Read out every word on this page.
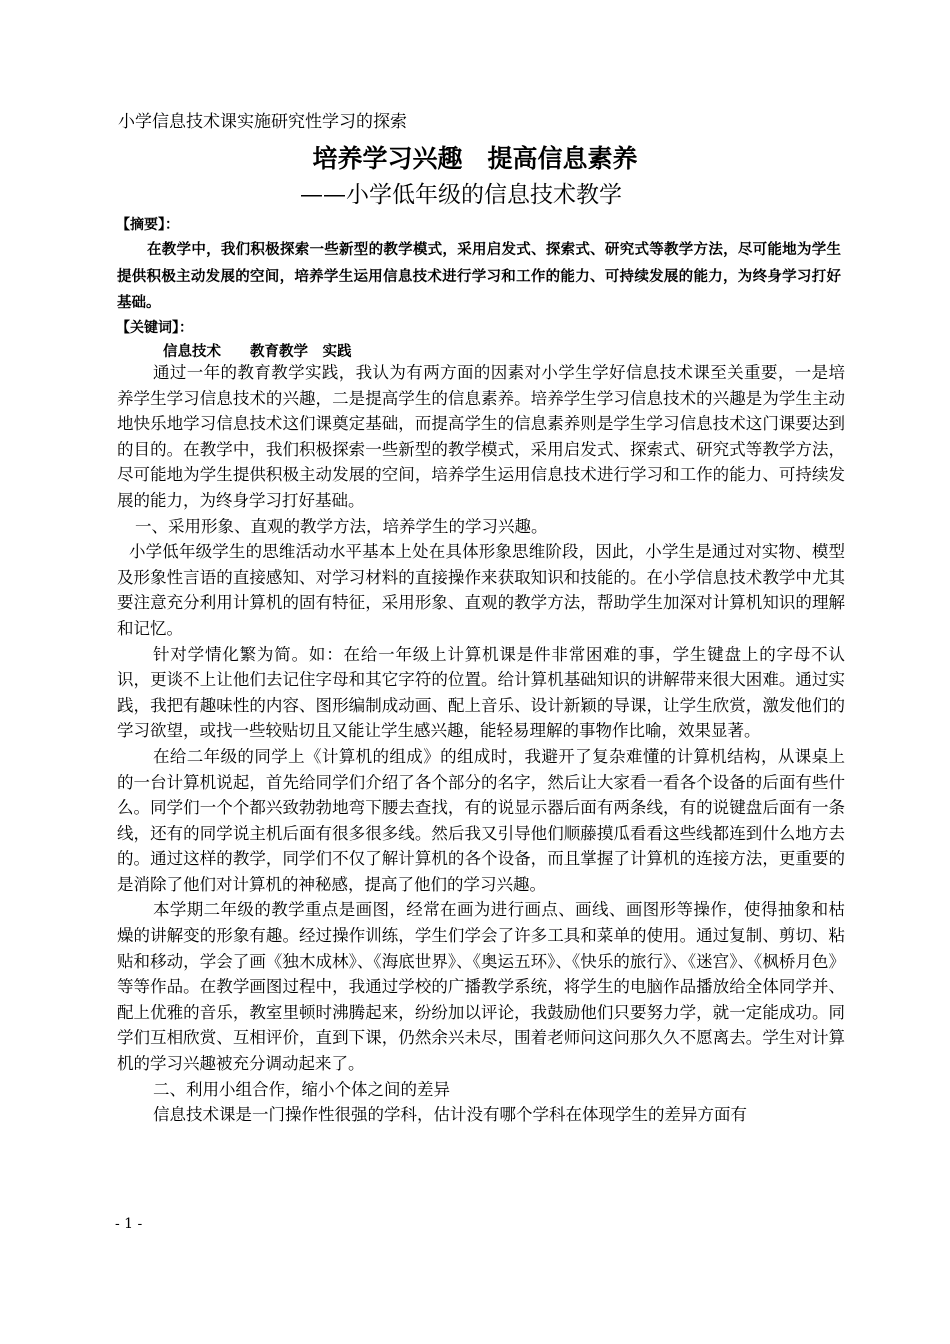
小学信息技术课实施研究性学习的探索
培养学习兴趣　提高信息素养
——小学低年级的信息技术教学
【摘要】：
在教学中，我们积极探索一些新型的教学模式，采用启发式、探索式、研究式等教学方法，尽可能地为学生提供积极主动发展的空间，培养学生运用信息技术进行学习和工作的能力、可持续发展的能力，为终身学习打好基础。
【关键词】：
信息技术　　教育教学　实践

通过一年的教育教学实践，我认为有两方面的因素对小学生学好信息技术课至关重要，一是培养学生学习信息技术的兴趣，二是提高学生的信息素养。培养学生学习信息技术的兴趣是为学生主动地快乐地学习信息技术这们课奠定基础，而提高学生的信息素养则是学生学习信息技术这门课要达到的目的。在教学中，我们积极探索一些新型的教学模式，采用启发式、探索式、研究式等教学方法，尽可能地为学生提供积极主动发展的空间，培养学生运用信息技术进行学习和工作的能力、可持续发展的能力，为终身学习打好基础。

一、采用形象、直观的教学方法，培养学生的学习兴趣。

小学低年级学生的思维活动水平基本上处在具体形象思维阶段，因此，小学生是通过对实物、模型及形象性言语的直接感知、对学习材料的直接操作来获取知识和技能的。在小学信息技术教学中尤其要注意充分利用计算机的固有特征，采用形象、直观的教学方法，帮助学生加深对计算机知识的理解和记忆。

针对学情化繁为简。如：在给一年级上计算机课是件非常困难的事，学生键盘上的字母不认识，更谈不上让他们去记住字母和其它字符的位置。给计算机基础知识的讲解带来很大困难。通过实践，我把有趣味性的内容、图形编制成动画、配上音乐、设计新颖的导课，让学生欣赏，激发他们的学习欲望，或找一些较贴切且又能让学生感兴趣，能轻易理解的事物作比喻，效果显著。

在给二年级的同学上《计算机的组成》的组成时，我避开了复杂难懂的计算机结构，从课桌上的一台计算机说起，首先给同学们介绍了各个部分的名字，然后让大家看一看各个设备的后面有些什么。同学们一个个都兴致勃勃地弯下腰去查找，有的说显示器后面有两条线，有的说键盘后面有一条线，还有的同学说主机后面有很多很多线。然后我又引导他们顺藤摸瓜看看这些线都连到什么地方去的。通过这样的教学，同学们不仅了解计算机的各个设备，而且掌握了计算机的连接方法，更重要的是消除了他们对计算机的神秘感，提高了他们的学习兴趣。

本学期二年级的教学重点是画图，经常在画为进行画点、画线、画图形等操作，使得抽象和枯燥的讲解变的形象有趣。经过操作训练，学生们学会了许多工具和菜单的使用。通过复制、剪切、粘贴和移动，学会了画《独木成林》、《海底世界》、《奥运五环》、《快乐的旅行》、《迷宫》、《枫桥月色》等等作品。在教学画图过程中，我通过学校的广播教学系统，将学生的电脑作品播放给全体同学并、配上优雅的音乐，教室里顿时沸腾起来，纷纷加以评论，我鼓励他们只要努力学，就一定能成功。同学们互相欣赏、互相评价，直到下课，仍然余兴未尽，围着老师问这问那久久不愿离去。学生对计算机的学习兴趣被充分调动起来了。

二、利用小组合作，缩小个体之间的差异

信息技术课是一门操作性很强的学科，估计没有哪个学科在体现学生的差异方面有

- 1 -
